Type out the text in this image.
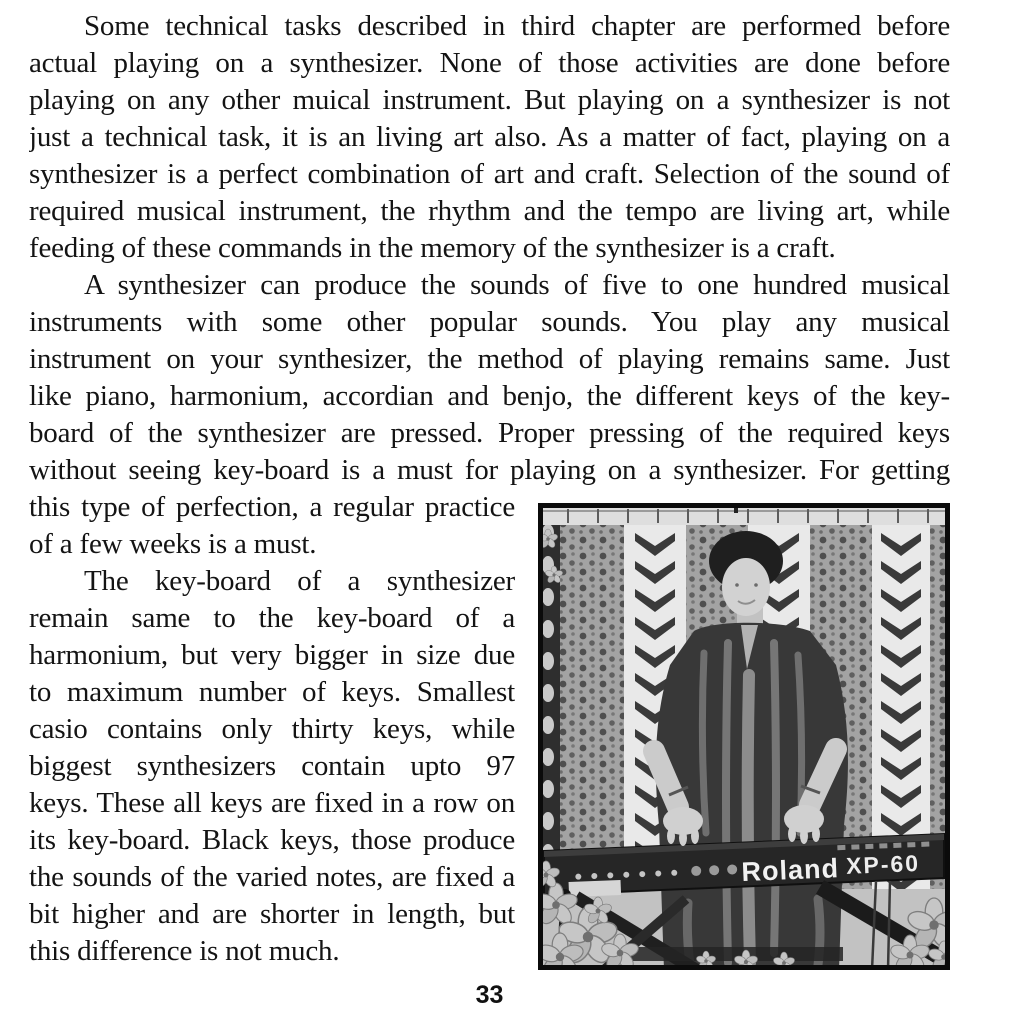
Some technical tasks described in third chapter are performed before
actual playing on a synthesizer. None of those activities are done before
playing on any other muical instrument. But playing on a synthesizer is not
just a technical task, it is an living art also. As a matter of fact, playing on a
synthesizer is a perfect combination of art and craft. Selection of the sound of
required musical instrument, the rhythm and the tempo are living art, while
feeding of these commands in the memory of the synthesizer is a craft.
A synthesizer can produce the sounds of five to one hundred musical
instruments with some other popular sounds. You play any musical
instrument on your synthesizer, the method of playing remains same. Just
like piano, harmonium, accordian and benjo, the different keys of the key-
board of the synthesizer are pressed. Proper pressing of the required keys
without seeing key-board is a must for playing on a synthesizer. For getting
this type of perfection, a regular practice
of a few weeks is a must.
The key-board of a synthesizer
remain same to the key-board of a
harmonium, but very bigger in size due
to maximum number of keys. Smallest
casio contains only thirty keys, while
biggest synthesizers contain upto 97
keys. These all keys are fixed in a row on
its key-board. Black keys, those produce
the sounds of the varied notes, are fixed a
bit higher and are shorter in length, but
this difference is not much.
Roland XP-60
33
